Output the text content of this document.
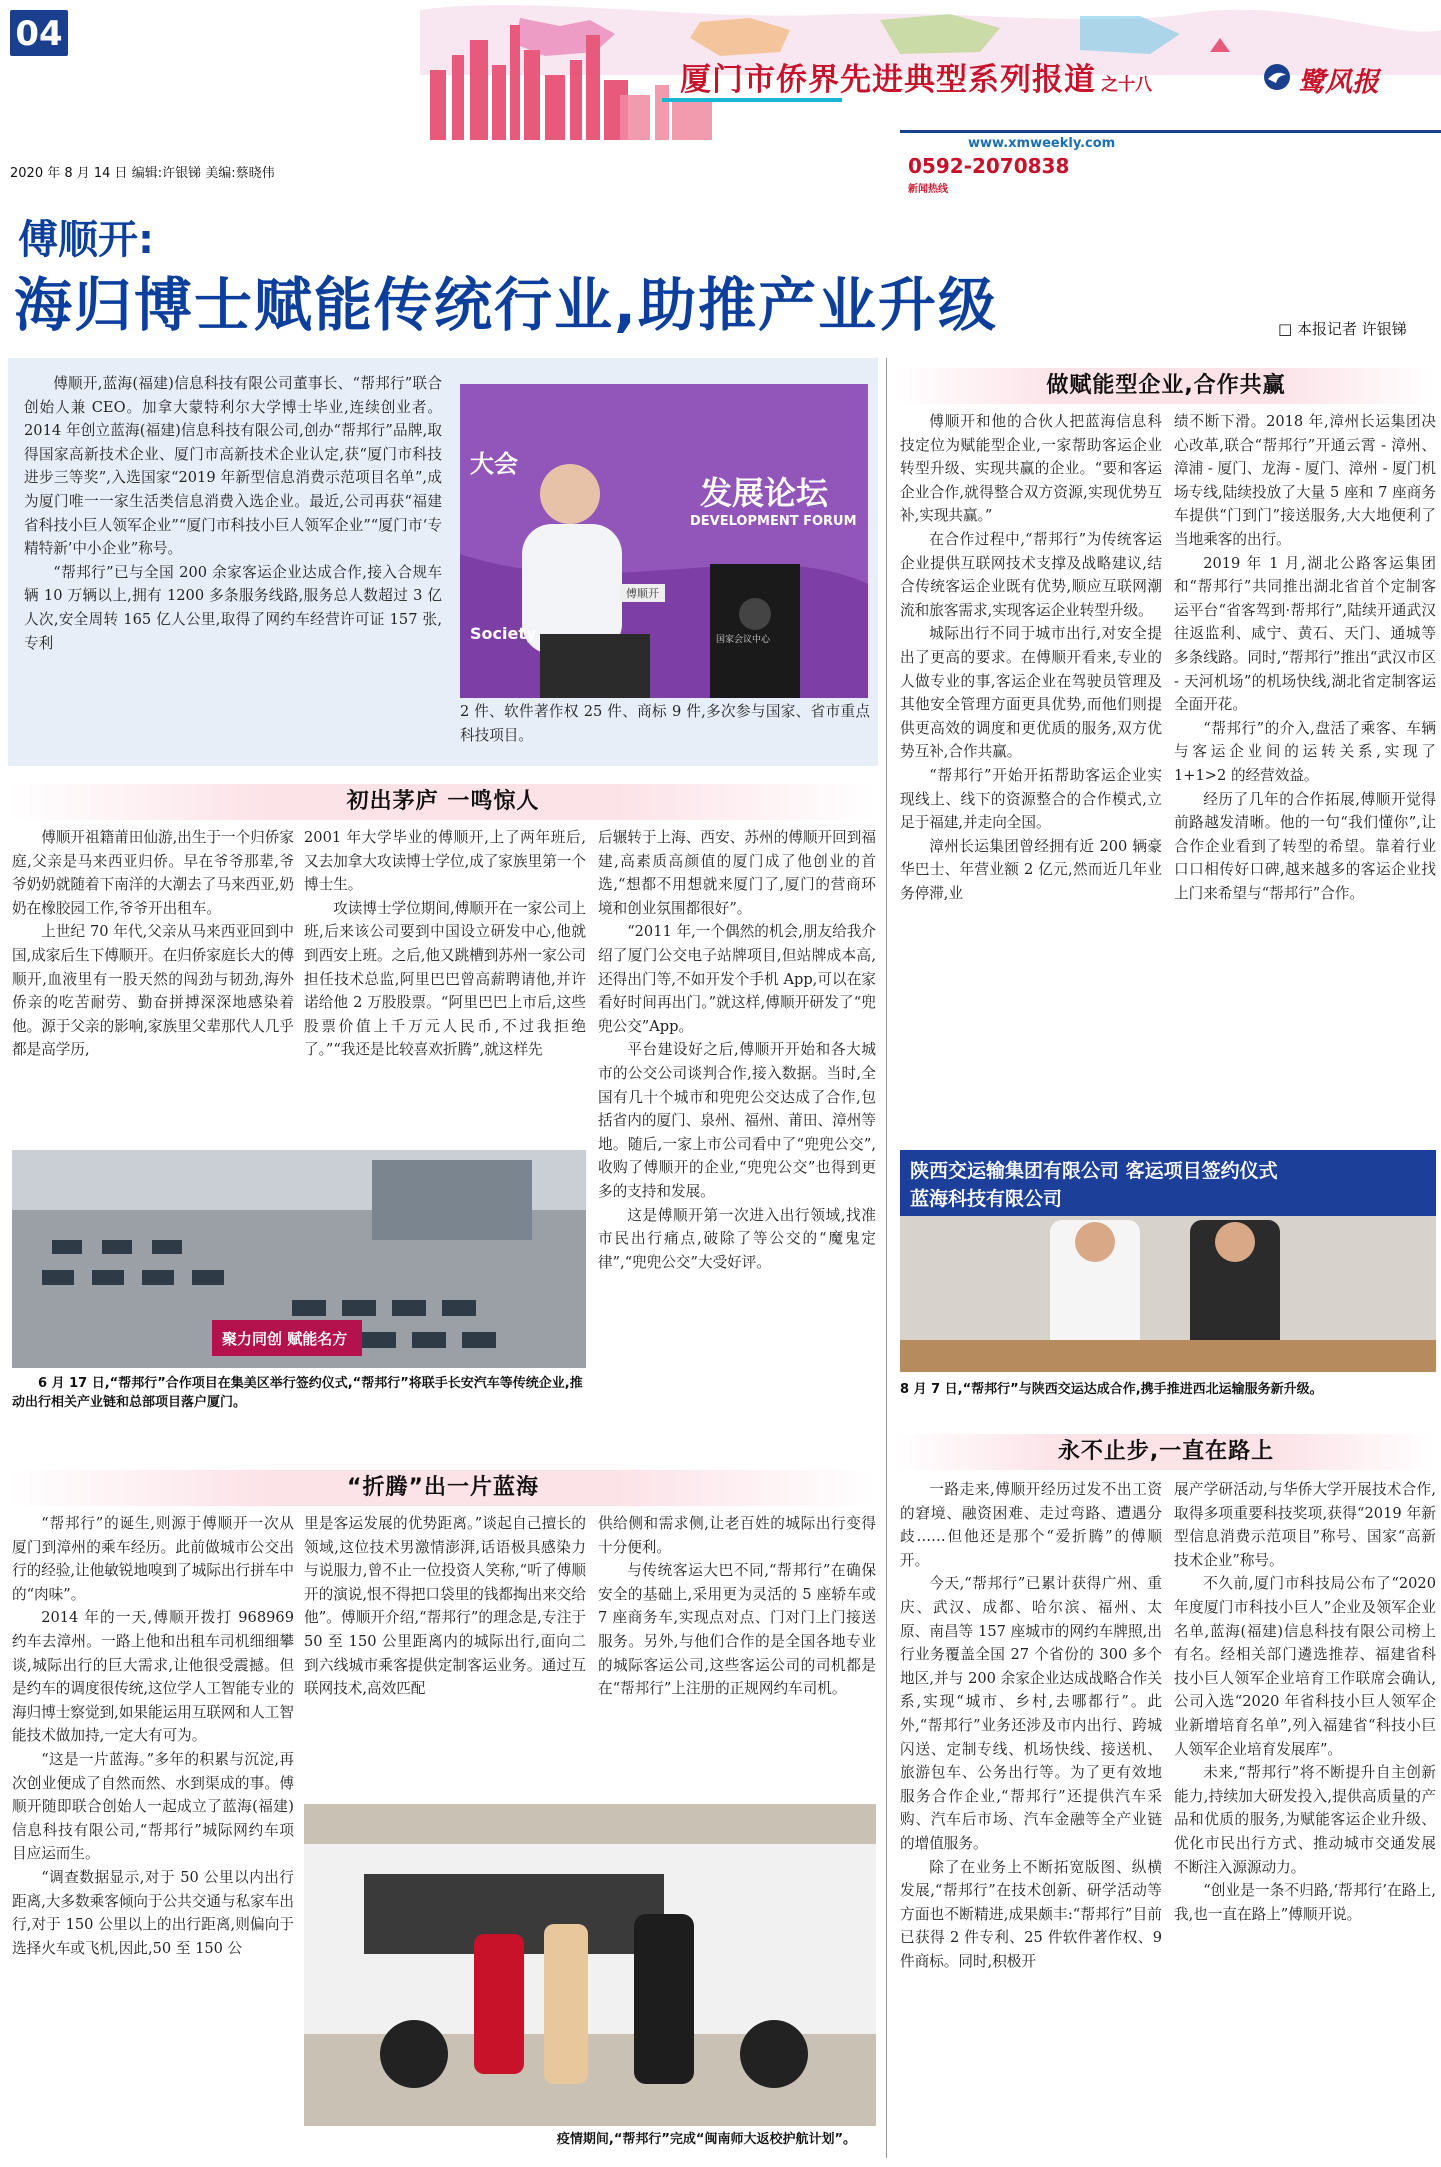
04
厦门市侨界先进典型系列报道 之十八	鹭风报
2020 年 8 月 14 日 编辑:许银锑 美编:蔡晓伟
www.xmweekly.com
0592-2070838
新闻热线
傅顺开:
海归博士赋能传统行业,助推产业升级	□ 本报记者 许银锑

傅顺开,蓝海(福建)信息科技有限公司董事长、“帮邦行”联合创始人兼 CEO。加拿大蒙特利尔大学博士毕业,连续创业者。2014 年创立蓝海(福建)信息科技有限公司,创办“帮邦行”品牌,取得国家高新技术企业、厦门市高新技术企业认定,获“厦门市科技进步三等奖”,入选国家“2019 年新型信息消费示范项目名单”,成为厦门唯一一家生活类信息消费入选企业。最近,公司再获“福建省科技小巨人领军企业”“厦门市科技小巨人领军企业”“厦门市‘专精特新’中小企业”称号。

“帮邦行”已与全国 200 余家客运企业达成合作,接入合规车辆 10 万辆以上,拥有 1200 多条服务线路,服务总人数超过 3 亿人次,安全周转 165 亿人公里,取得了网约车经营许可证 157 张,专利

大会
发展论坛
DEVELOPMENT FORUM
Society
傅顺开
国家会议中心

2 件、软件著作权 25 件、商标 9 件,多次参与国家、省市重点科技项目。

初出茅庐 一鸣惊人

傅顺开祖籍莆田仙游,出生于一个归侨家庭,父亲是马来西亚归侨。早在爷爷那辈,爷爷奶奶就随着下南洋的大潮去了马来西亚,奶奶在橡胶园工作,爷爷开出租车。

上世纪 70 年代,父亲从马来西亚回到中国,成家后生下傅顺开。在归侨家庭长大的傅顺开,血液里有一股天然的闯劲与韧劲,海外侨亲的吃苦耐劳、勤奋拼搏深深地感染着他。源于父亲的影响,家族里父辈那代人几乎都是高学历,

2001 年大学毕业的傅顺开,上了两年班后,又去加拿大攻读博士学位,成了家族里第一个博士生。

攻读博士学位期间,傅顺开在一家公司上班,后来该公司要到中国设立研发中心,他就到西安上班。之后,他又跳槽到苏州一家公司担任技术总监,阿里巴巴曾高薪聘请他,并许诺给他 2 万股股票。“阿里巴巴上市后,这些股票价值上千万元人民币,不过我拒绝了。”“我还是比较喜欢折腾”,就这样先

后辗转于上海、西安、苏州的傅顺开回到福建,高素质高颜值的厦门成了他创业的首选,“想都不用想就来厦门了,厦门的营商环境和创业氛围都很好”。

“2011 年,一个偶然的机会,朋友给我介绍了厦门公交电子站牌项目,但站牌成本高,还得出门等,不如开发个手机 App,可以在家看好时间再出门。”就这样,傅顺开研发了“兜兜公交”App。

平台建设好之后,傅顺开开始和各大城市的公交公司谈判合作,接入数据。当时,全国有几十个城市和兜兜公交达成了合作,包括省内的厦门、泉州、福州、莆田、漳州等地。随后,一家上市公司看中了“兜兜公交”,收购了傅顺开的企业,“兜兜公交”也得到更多的支持和发展。

这是傅顺开第一次进入出行领域,找准市民出行痛点,破除了等公交的“魔鬼定律”,“兜兜公交”大受好评。

聚力同创 赋能名方
6 月 17 日,“帮邦行”合作项目在集美区举行签约仪式,“帮邦行”将联手长安汽车等传统企业,推动出行相关产业链和总部项目落户厦门。
“折腾”出一片蓝海

“帮邦行”的诞生,则源于傅顺开一次从厦门到漳州的乘车经历。此前做城市公交出行的经验,让他敏锐地嗅到了城际出行拼车中的“肉味”。

2014 年的一天,傅顺开拨打 968969 约车去漳州。一路上他和出租车司机细细攀谈,城际出行的巨大需求,让他很受震撼。但是约车的调度很传统,这位学人工智能专业的海归博士察觉到,如果能运用互联网和人工智能技术做加持,一定大有可为。

“这是一片蓝海。”多年的积累与沉淀,再次创业便成了自然而然、水到渠成的事。傅顺开随即联合创始人一起成立了蓝海(福建)信息科技有限公司,“帮邦行”城际网约车项目应运而生。

“调查数据显示,对于 50 公里以内出行距离,大多数乘客倾向于公共交通与私家车出行,对于 150 公里以上的出行距离,则偏向于选择火车或飞机,因此,50 至 150 公

里是客运发展的优势距离。”谈起自己擅长的领域,这位技术男激情澎湃,话语极具感染力与说服力,曾不止一位投资人笑称,“听了傅顺开的演说,恨不得把口袋里的钱都掏出来交给他”。傅顺开介绍,“帮邦行”的理念是,专注于 50 至 150 公里距离内的城际出行,面向二到六线城市乘客提供定制客运业务。通过互联网技术,高效匹配

供给侧和需求侧,让老百姓的城际出行变得十分便利。

与传统客运大巴不同,“帮邦行”在确保安全的基础上,采用更为灵活的 5 座轿车或 7 座商务车,实现点对点、门对门上门接送服务。另外,与他们合作的是全国各地专业的城际客运公司,这些客运公司的司机都是在“帮邦行”上注册的正规网约车司机。

疫情期间,“帮邦行”完成“闽南师大返校护航计划”。
做赋能型企业,合作共赢

傅顺开和他的合伙人把蓝海信息科技定位为赋能型企业,一家帮助客运企业转型升级、实现共赢的企业。“要和客运企业合作,就得整合双方资源,实现优势互补,实现共赢。”

在合作过程中,“帮邦行”为传统客运企业提供互联网技术支撑及战略建议,结合传统客运企业既有优势,顺应互联网潮流和旅客需求,实现客运企业转型升级。

城际出行不同于城市出行,对安全提出了更高的要求。在傅顺开看来,专业的人做专业的事,客运企业在驾驶员管理及其他安全管理方面更具优势,而他们则提供更高效的调度和更优质的服务,双方优势互补,合作共赢。

“帮邦行”开始开拓帮助客运企业实现线上、线下的资源整合的合作模式,立足于福建,并走向全国。

漳州长运集团曾经拥有近 200 辆豪华巴士、年营业额 2 亿元,然而近几年业务停滞,业

绩不断下滑。2018 年,漳州长运集团决心改革,联合“帮邦行”开通云霄 - 漳州、漳浦 - 厦门、龙海 - 厦门、漳州 - 厦门机场专线,陆续投放了大量 5 座和 7 座商务车提供“门到门”接送服务,大大地便利了当地乘客的出行。

2019 年 1 月,湖北公路客运集团和“帮邦行”共同推出湖北省首个定制客运平台“省客驾到·帮邦行”,陆续开通武汉往返监利、咸宁、黄石、天门、通城等多条线路。同时,“帮邦行”推出“武汉市区 - 天河机场”的机场快线,湖北省定制客运全面开花。

“帮邦行”的介入,盘活了乘客、车辆与客运企业间的运转关系,实现了 1+1>2 的经营效益。

经历了几年的合作拓展,傅顺开觉得前路越发清晰。他的一句“我们懂你”,让合作企业看到了转型的希望。靠着行业口口相传好口碑,越来越多的客运企业找上门来希望与“帮邦行”合作。

陕西交运输集团有限公司 客运项目签约仪式
蓝海科技有限公司
8 月 7 日,“帮邦行”与陕西交运达成合作,携手推进西北运输服务新升级。
永不止步,一直在路上

一路走来,傅顺开经历过发不出工资的窘境、融资困难、走过弯路、遭遇分歧……但他还是那个“爱折腾”的傅顺开。

今天,“帮邦行”已累计获得广州、重庆、武汉、成都、哈尔滨、福州、太原、南昌等 157 座城市的网约车牌照,出行业务覆盖全国 27 个省份的 300 多个地区,并与 200 余家企业达成战略合作关系,实现“城市、乡村,去哪都行”。此外,“帮邦行”业务还涉及市内出行、跨城闪送、定制专线、机场快线、接送机、旅游包车、公务出行等。为了更有效地服务合作企业,“帮邦行”还提供汽车采购、汽车后市场、汽车金融等全产业链的增值服务。

除了在业务上不断拓宽版图、纵横发展,“帮邦行”在技术创新、研学活动等方面也不断精进,成果颇丰:“帮邦行”目前已获得 2 件专利、25 件软件著作权、9 件商标。同时,积极开

展产学研活动,与华侨大学开展技术合作,取得多项重要科技奖项,获得“2019 年新型信息消费示范项目”称号、国家“高新技术企业”称号。

不久前,厦门市科技局公布了“2020 年度厦门市科技小巨人”企业及领军企业名单,蓝海(福建)信息科技有限公司榜上有名。经相关部门遴选推荐、福建省科技小巨人领军企业培育工作联席会确认,公司入选“2020 年省科技小巨人领军企业新增培育名单”,列入福建省“科技小巨人领军企业培育发展库”。

未来,“帮邦行”将不断提升自主创新能力,持续加大研发投入,提供高质量的产品和优质的服务,为赋能客运企业升级、优化市民出行方式、推动城市交通发展不断注入源源动力。

“创业是一条不归路,‘帮邦行’在路上,我,也一直在路上”傅顺开说。
